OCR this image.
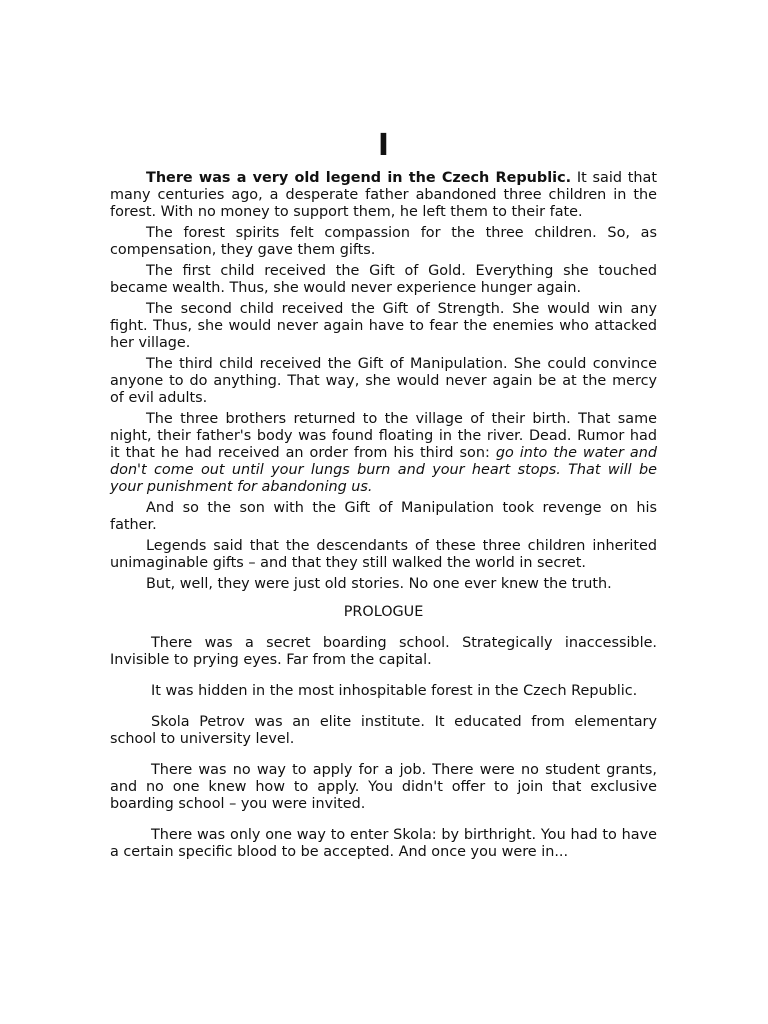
I

There was a very old legend in the Czech Republic. It said that many centuries ago, a desperate father abandoned three children in the forest. With no money to support them, he left them to their fate.

The forest spirits felt compassion for the three children. So, as compensation, they gave them gifts.

The first child received the Gift of Gold. Everything she touched became wealth. Thus, she would never experience hunger again.

The second child received the Gift of Strength. She would win any fight. Thus, she would never again have to fear the enemies who attacked her village.

The third child received the Gift of Manipulation. She could convince anyone to do anything. That way, she would never again be at the mercy of evil adults.

The three brothers returned to the village of their birth. That same night, their father's body was found floating in the river. Dead. Rumor had it that he had received an order from his third son: go into the water and don't come out until your lungs burn and your heart stops. That will be your punishment for abandoning us.

And so the son with the Gift of Manipulation took revenge on his father.

Legends said that the descendants of these three children inherited unimaginable gifts – and that they still walked the world in secret.

But, well, they were just old stories. No one ever knew the truth.

PROLOGUE

There was a secret boarding school. Strategically inaccessible. Invisible to prying eyes. Far from the capital.

It was hidden in the most inhospitable forest in the Czech Republic.

Skola Petrov was an elite institute. It educated from elementary school to university level.

There was no way to apply for a job. There were no student grants, and no one knew how to apply. You didn't offer to join that exclusive boarding school – you were invited.

There was only one way to enter Skola: by birthright. You had to have a certain specific blood to be accepted. And once you were in...
